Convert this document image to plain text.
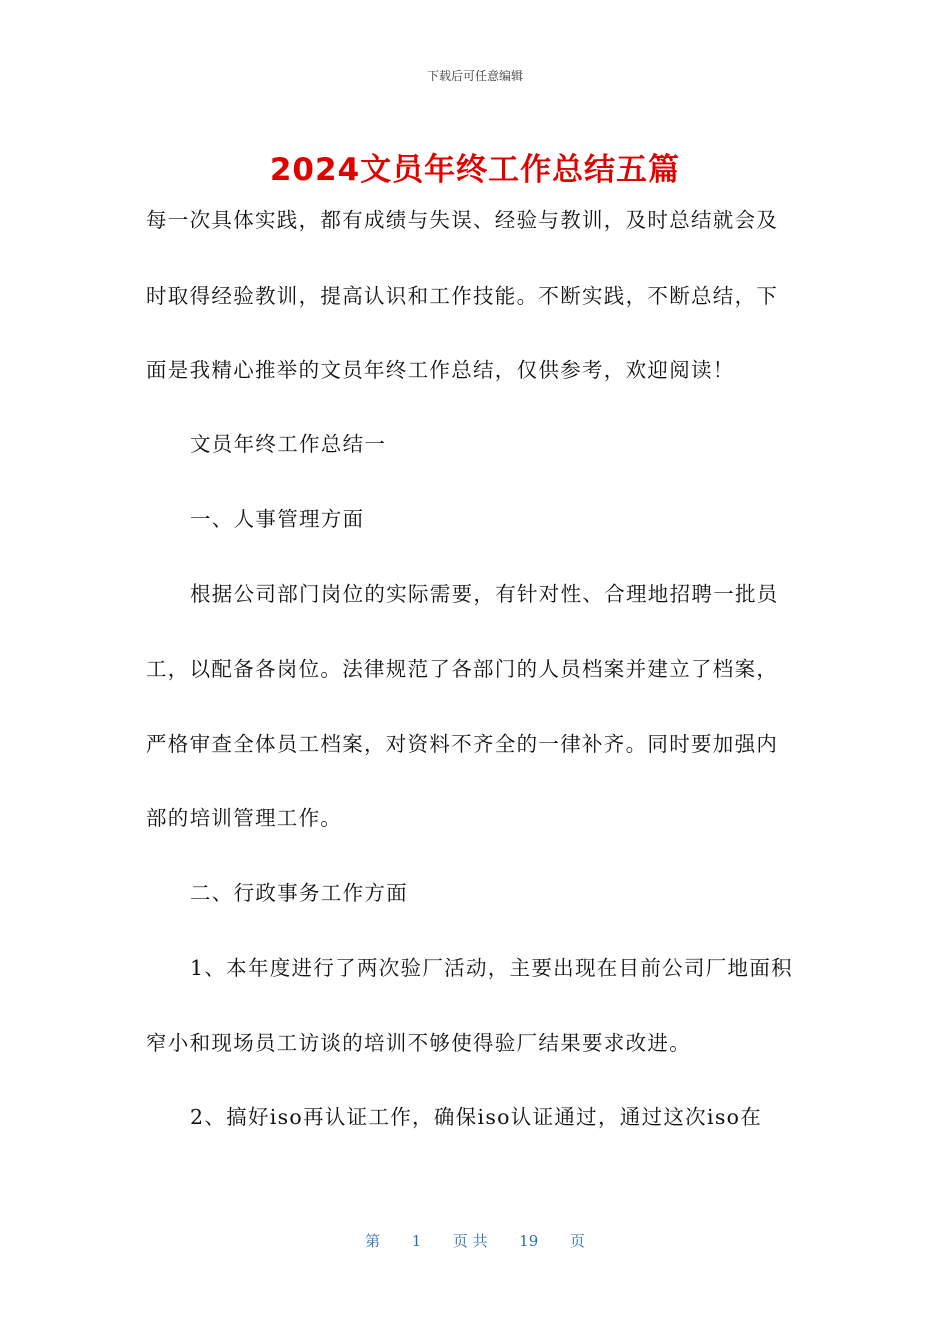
下载后可任意编辑
2024文员年终工作总结五篇
每一次具体实践，都有成绩与失误、经验与教训，及时总结就会及
时取得经验教训，提高认识和工作技能。不断实践，不断总结，下
面是我精心推举的文员年终工作总结，仅供参考，欢迎阅读！
文员年终工作总结一
一、人事管理方面
根据公司部门岗位的实际需要，有针对性、合理地招聘一批员
工，以配备各岗位。法律规范了各部门的人员档案并建立了档案，
严格审查全体员工档案，对资料不齐全的一律补齐。同时要加强内
部的培训管理工作。
二、行政事务工作方面
1、本年度进行了两次验厂活动，主要出现在目前公司厂地面积
窄小和现场员工访谈的培训不够使得验厂结果要求改进。
2、搞好iso再认证工作，确保iso认证通过，通过这次iso在
第 1 页 共 19 页
